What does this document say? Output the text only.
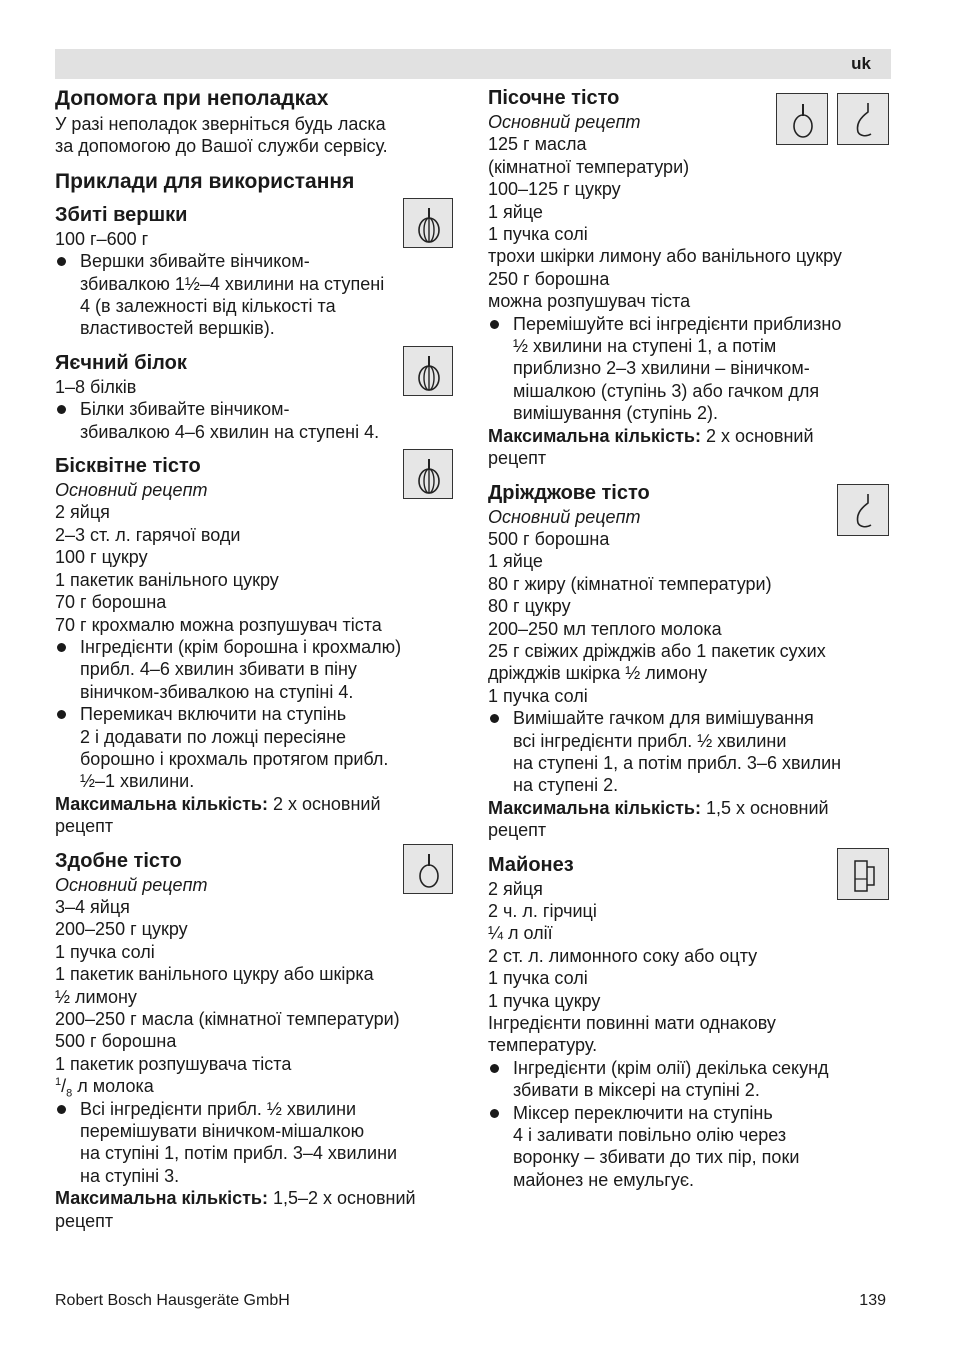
uk
Допомога при неполадках

У разі неполадок зверніться будь ласка

за допомогою до Вашої служби сервісу.

Приклади для використання
Збиті вершки

100 г–600 г

Вершки збивайте вінчиком-
збивалкою 1½–4 хвилини на ступені
4 (в залежності від кількості та
властивостей вершків).
Яєчний білок

1–8 білків

Білки збивайте вінчиком-
збивалкою 4–6 хвилин на ступені 4.
Бісквітне тісто

Основний рецепт

2 яйця

2–3 ст. л. гарячої води

100 г цукру

1 пакетик ванільного цукру

70 г борошна

70 г крохмалю можна розпушувач тіста

Інгредієнти (крім борошна і крохмалю)
прибл. 4–6 хвилин збивати в піну
віничком-збивалкою на ступіні 4.
Перемикач включити на ступінь
2 і додавати по ложці пересіяне
борошно і крохмаль протягом прибл.
½–1 хвилини.

Максимальна кількість: 2 x основний

рецепт

Здобне тісто

Основний рецепт

3–4 яйця

200–250 г цукру

1 пучка солі

1 пакетик ванільного цукру або шкірка

½ лимону

200–250 г масла (кімнатної температури)

500 г борошна

1 пакетик розпушувача тіста

$^1/_8$ л молока

Всі інгредієнти прибл. ½ хвилини
перемішувати віничком-мішалкою
на ступіні 1, потім прибл. 3–4 хвилини
на ступіні 3.

Максимальна кількість: 1,5–2 x основний

рецепт

Пісочне тісто

Основний рецепт

125 г масла

(кімнатної температури)

100–125 г цукру

1 яйце

1 пучка солі

трохи шкірки лимону або ванільного цукру

250 г борошна

можна розпушувач тіста

Перемішуйте всі інгредієнти приблизно
½ хвилини на ступені 1, а потім
приблизно 2–3 хвилини – віничком-
мішалкою (ступінь 3) або гачком для
вимішування (ступінь 2).

Максимальна кількість: 2 x основний

рецепт

Дріжджове тісто

Основний рецепт

500 г борошна

1 яйце

80 г жиру (кімнатної температури)

80 г цукру

200–250 мл теплого молока

25 г свіжих дріжджів або 1 пакетик сухих

дріжджів шкірка ½ лимону

1 пучка солі

Вимішайте гачком для вимішування
всі інгредієнти прибл. ½ хвилини
на ступені 1, а потім прибл. 3–6 хвилин
на ступені 2.

Максимальна кількість: 1,5 x основний

рецепт

Майонез

2 яйця

2 ч. л. гірчиці

¼ л олії

2 ст. л. лимонного соку або оцту

1 пучка солі

1 пучка цукру

Інгредієнти повинні мати однакову

температуру.

Інгредієнти (крім олії) декілька секунд
збивати в міксері на ступіні 2.
Міксер переключити на ступінь
4 і заливати повільно олію через
воронку – збивати до тих пір, поки
майонез не емульгує.
Robert Bosch Hausgeräte GmbH	139
